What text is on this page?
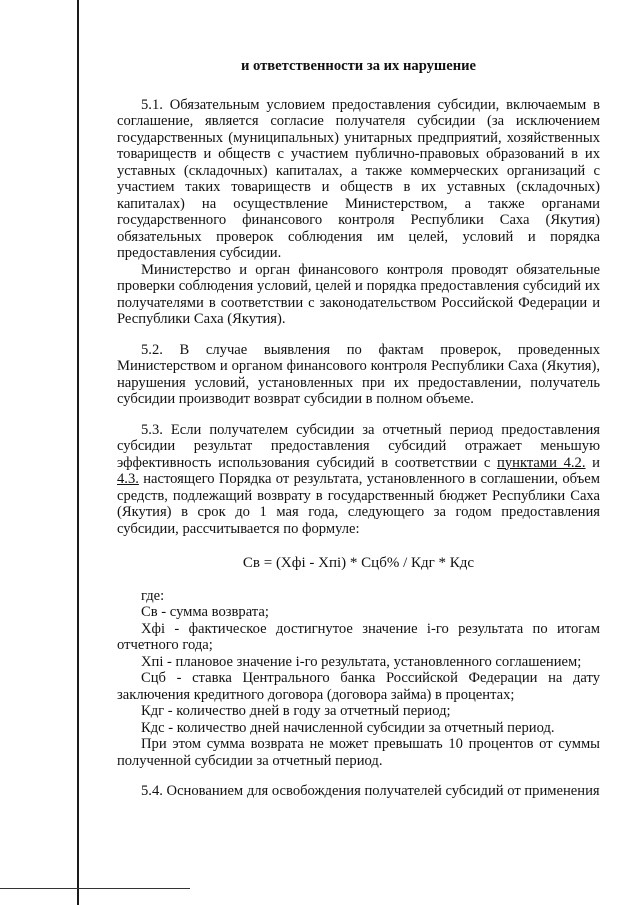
и ответственности за их нарушение

5.1. Обязательным условием предоставления субсидии, включаемым в соглашение, является согласие получателя субсидии (за исключением государственных (муниципальных) унитарных предприятий, хозяйственных товариществ и обществ с участием публично-правовых образований в их уставных (складочных) капиталах, а также коммерческих организаций с участием таких товариществ и обществ в их уставных (складочных) капиталах) на осуществление Министерством, а также органами государственного финансового контроля Республики Саха (Якутия) обязательных проверок соблюдения им целей, условий и порядка предоставления субсидии.

Министерство и орган финансового контроля проводят обязательные проверки соблюдения условий, целей и порядка предоставления субсидий их получателями в соответствии с законодательством Российской Федерации и Республики Саха (Якутия).

5.2. В случае выявления по фактам проверок, проведенных Министерством и органом финансового контроля Республики Саха (Якутия), нарушения условий, установленных при их предоставлении, получатель субсидии производит возврат субсидии в полном объеме.

5.3. Если получателем субсидии за отчетный период предоставления субсидии результат предоставления субсидий отражает меньшую эффективность использования субсидий в соответствии с пунктами 4.2. и 4.3. настоящего Порядка от результата, установленного в соглашении, объем средств, подлежащий возврату в государственный бюджет Республики Саха (Якутия) в срок до 1 мая года, следующего за годом предоставления субсидии, рассчитывается по формуле:

Св = (Хфi - Хпi) * Сцб% / Кдг * Кдс

где:

Св - сумма возврата;

Хфi - фактическое достигнутое значение i-го результата по итогам отчетного года;

Хпi - плановое значение i-го результата, установленного соглашением;

Сцб - ставка Центрального банка Российской Федерации на дату заключения кредитного договора (договора займа) в процентах;

Кдг - количество дней в году за отчетный период;

Кдс - количество дней начисленной субсидии за отчетный период.

При этом сумма возврата не может превышать 10 процентов от суммы полученной субсидии за отчетный период.

5.4. Основанием для освобождения получателей субсидий от применения
